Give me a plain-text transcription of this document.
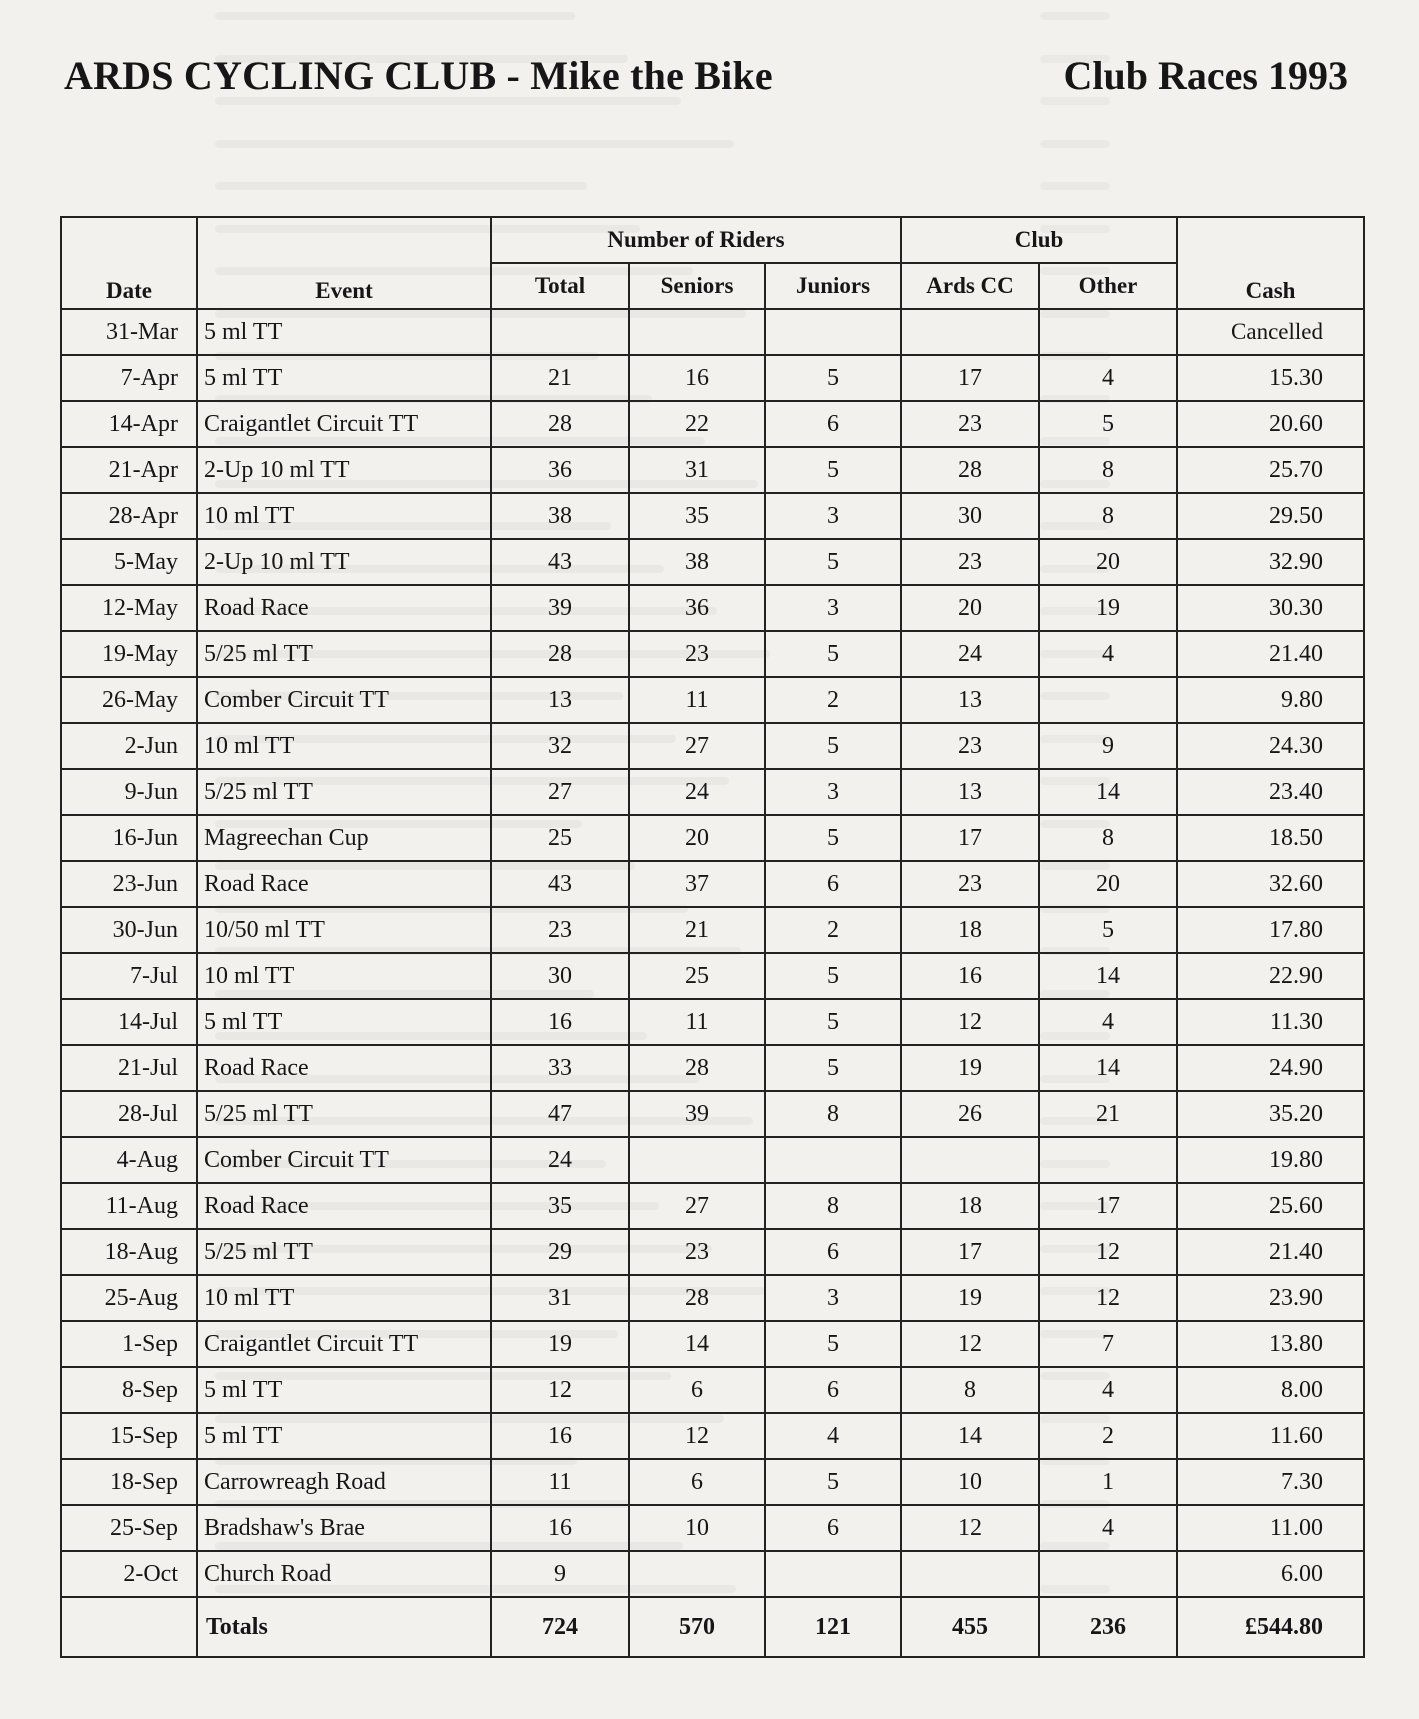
ARDS CYCLING CLUB - Mike the Bike	Club Races 1993
Date	Event	Number of Riders			Club		Cash
		Total	Seniors	Juniors	Ards CC	Other	
31-Mar	5 ml TT						Cancelled
7-Apr	5 ml TT	21	16	5	17	4	15.30
14-Apr	Craigantlet Circuit TT	28	22	6	23	5	20.60
21-Apr	2-Up 10 ml TT	36	31	5	28	8	25.70
28-Apr	10 ml TT	38	35	3	30	8	29.50
5-May	2-Up 10 ml TT	43	38	5	23	20	32.90
12-May	Road Race	39	36	3	20	19	30.30
19-May	5/25 ml TT	28	23	5	24	4	21.40
26-May	Comber Circuit TT	13	11	2	13		9.80
2-Jun	10 ml TT	32	27	5	23	9	24.30
9-Jun	5/25 ml TT	27	24	3	13	14	23.40
16-Jun	Magreechan Cup	25	20	5	17	8	18.50
23-Jun	Road Race	43	37	6	23	20	32.60
30-Jun	10/50 ml TT	23	21	2	18	5	17.80
7-Jul	10 ml TT	30	25	5	16	14	22.90
14-Jul	5 ml TT	16	11	5	12	4	11.30
21-Jul	Road Race	33	28	5	19	14	24.90
28-Jul	5/25 ml TT	47	39	8	26	21	35.20
4-Aug	Comber Circuit TT	24					19.80
11-Aug	Road Race	35	27	8	18	17	25.60
18-Aug	5/25 ml TT	29	23	6	17	12	21.40
25-Aug	10 ml TT	31	28	3	19	12	23.90
1-Sep	Craigantlet Circuit TT	19	14	5	12	7	13.80
8-Sep	5 ml TT	12	6	6	8	4	8.00
15-Sep	5 ml TT	16	12	4	14	2	11.60
18-Sep	Carrowreagh Road	11	6	5	10	1	7.30
25-Sep	Bradshaw's Brae	16	10	6	12	4	11.00
2-Oct	Church Road	9					6.00
	Totals	724	570	121	455	236	£544.80
